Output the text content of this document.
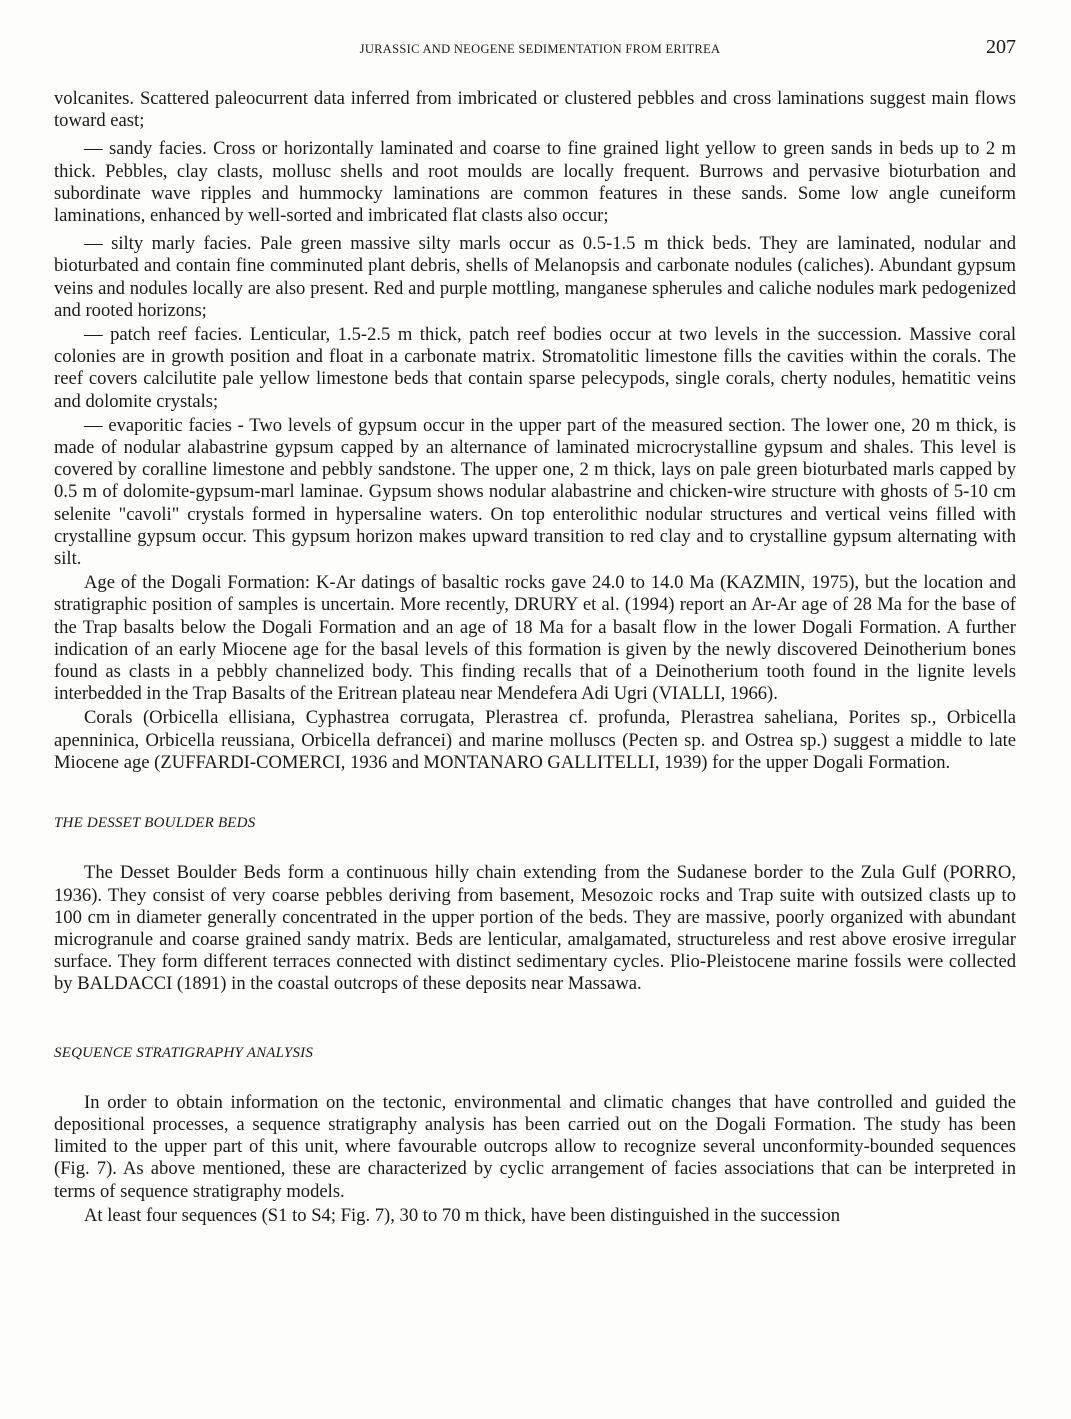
JURASSIC AND NEOGENE SEDIMENTATION FROM ERITREA	207

volcanites. Scattered paleocurrent data inferred from imbricated or clustered pebbles and cross laminations suggest main flows toward east;

— sandy facies. Cross or horizontally laminated and coarse to fine grained light yellow to green sands in beds up to 2 m thick. Pebbles, clay clasts, mollusc shells and root moulds are locally frequent. Burrows and pervasive bioturbation and subordinate wave ripples and hummocky laminations are common features in these sands. Some low angle cuneiform laminations, enhanced by well-sorted and imbricated flat clasts also occur;

— silty marly facies. Pale green massive silty marls occur as 0.5-1.5 m thick beds. They are laminated, nodular and bioturbated and contain fine comminuted plant debris, shells of Melanopsis and carbonate nodules (caliches). Abundant gypsum veins and nodules locally are also present. Red and purple mottling, manganese spherules and caliche nodules mark pedogenized and rooted horizons;

— patch reef facies. Lenticular, 1.5-2.5 m thick, patch reef bodies occur at two levels in the succession. Massive coral colonies are in growth position and float in a carbonate matrix. Stromatolitic limestone fills the cavities within the corals. The reef covers calcilutite pale yellow limestone beds that contain sparse pelecypods, single corals, cherty nodules, hematitic veins and dolomite crystals;

— evaporitic facies - Two levels of gypsum occur in the upper part of the measured section. The lower one, 20 m thick, is made of nodular alabastrine gypsum capped by an alternance of laminated microcrystalline gypsum and shales. This level is covered by coralline limestone and pebbly sandstone. The upper one, 2 m thick, lays on pale green bioturbated marls capped by 0.5 m of dolomite-gypsum-marl laminae. Gypsum shows nodular alabastrine and chicken-wire structure with ghosts of 5-10 cm selenite "cavoli" crystals formed in hypersaline waters. On top enterolithic nodular structures and vertical veins filled with crystalline gypsum occur. This gypsum horizon makes upward transition to red clay and to crystalline gypsum alternating with silt.

Age of the Dogali Formation: K-Ar datings of basaltic rocks gave 24.0 to 14.0 Ma (KAZMIN, 1975), but the location and stratigraphic position of samples is uncertain. More recently, DRURY et al. (1994) report an Ar-Ar age of 28 Ma for the base of the Trap basalts below the Dogali Formation and an age of 18 Ma for a basalt flow in the lower Dogali Formation. A further indication of an early Miocene age for the basal levels of this formation is given by the newly discovered Deinotherium bones found as clasts in a pebbly channelized body. This finding recalls that of a Deinotherium tooth found in the lignite levels interbedded in the Trap Basalts of the Eritrean plateau near Mendefera Adi Ugri (VIALLI, 1966).

Corals (Orbicella ellisiana, Cyphastrea corrugata, Plerastrea cf. profunda, Plerastrea saheliana, Porites sp., Orbicella apenninica, Orbicella reussiana, Orbicella defrancei) and marine molluscs (Pecten sp. and Ostrea sp.) suggest a middle to late Miocene age (ZUFFARDI-COMERCI, 1936 and MONTANARO GALLITELLI, 1939) for the upper Dogali Formation.

THE DESSET BOULDER BEDS

The Desset Boulder Beds form a continuous hilly chain extending from the Sudanese border to the Zula Gulf (PORRO, 1936). They consist of very coarse pebbles deriving from basement, Mesozoic rocks and Trap suite with outsized clasts up to 100 cm in diameter generally concentrated in the upper portion of the beds. They are massive, poorly organized with abundant microgranule and coarse grained sandy matrix. Beds are lenticular, amalgamated, structureless and rest above erosive irregular surface. They form different terraces connected with distinct sedimentary cycles. Plio-Pleistocene marine fossils were collected by BALDACCI (1891) in the coastal outcrops of these deposits near Massawa.

SEQUENCE STRATIGRAPHY ANALYSIS

In order to obtain information on the tectonic, environmental and climatic changes that have controlled and guided the depositional processes, a sequence stratigraphy analysis has been carried out on the Dogali Formation. The study has been limited to the upper part of this unit, where favourable outcrops allow to recognize several unconformity-bounded sequences (Fig. 7). As above mentioned, these are characterized by cyclic arrangement of facies associations that can be interpreted in terms of sequence stratigraphy models.

At least four sequences (S1 to S4; Fig. 7), 30 to 70 m thick, have been distinguished in the succession
